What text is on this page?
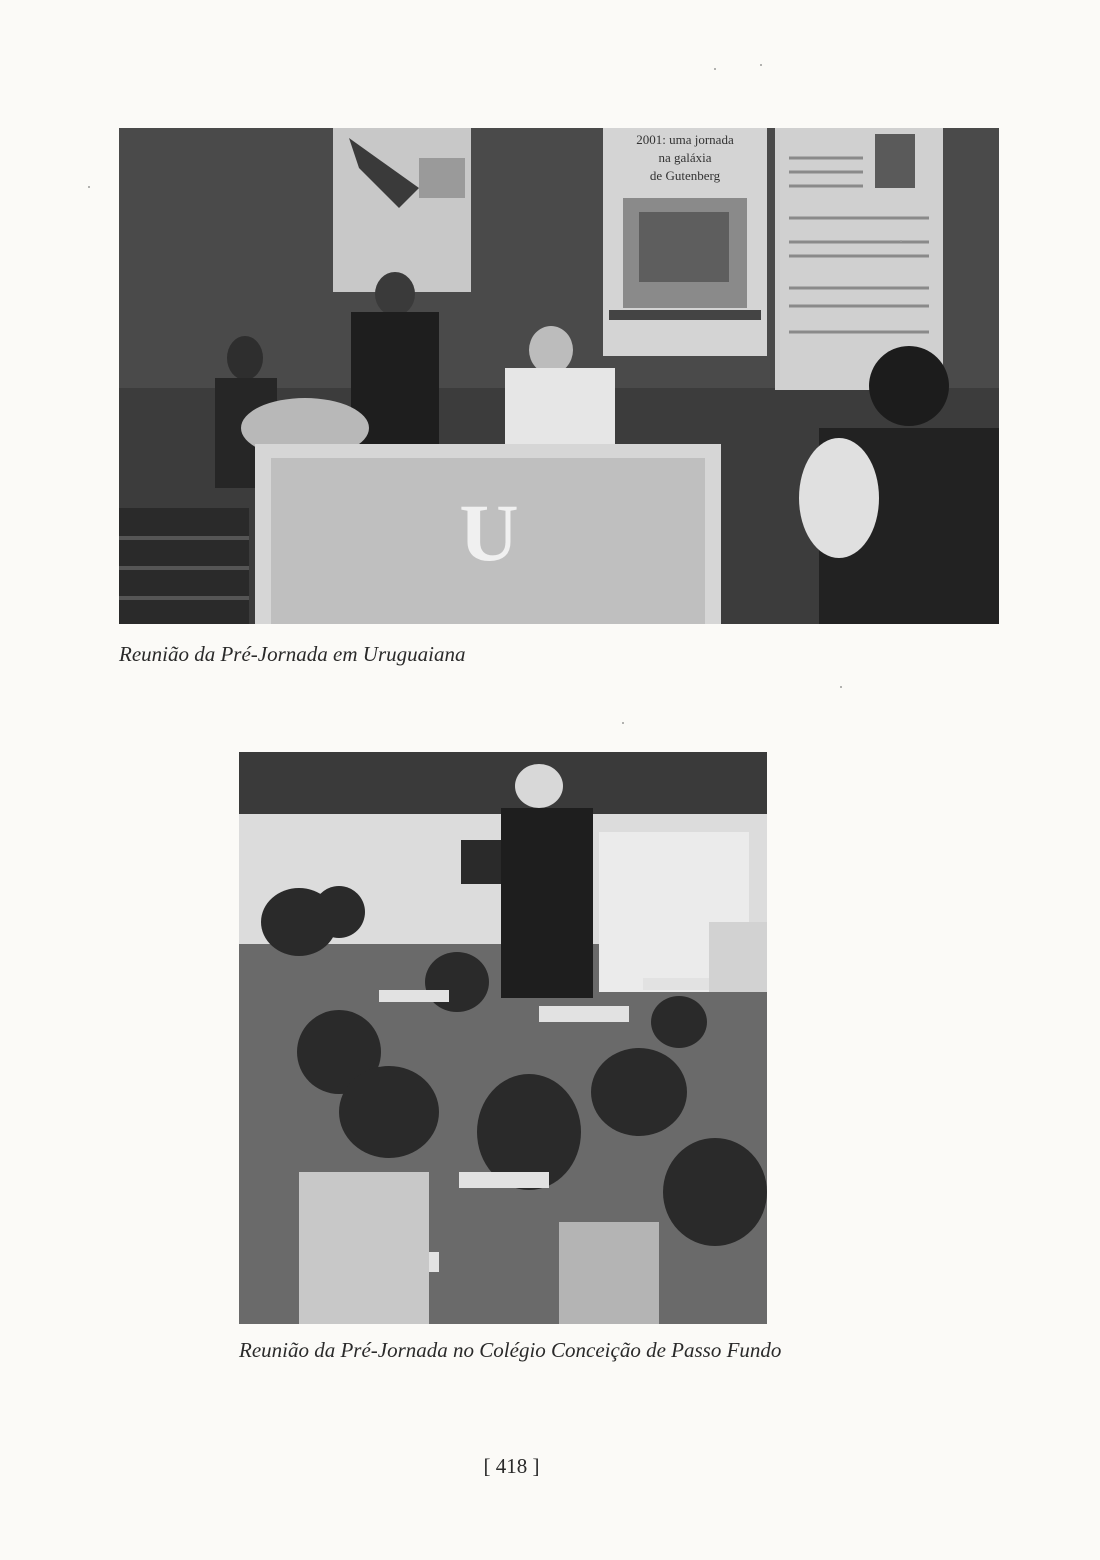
2001: uma jornada
na galáxia
de Gutenberg
U
Reunião da Pré-Jornada em Uruguaiana
Reunião da Pré-Jornada no Colégio Conceição de Passo Fundo
[ 418 ]
